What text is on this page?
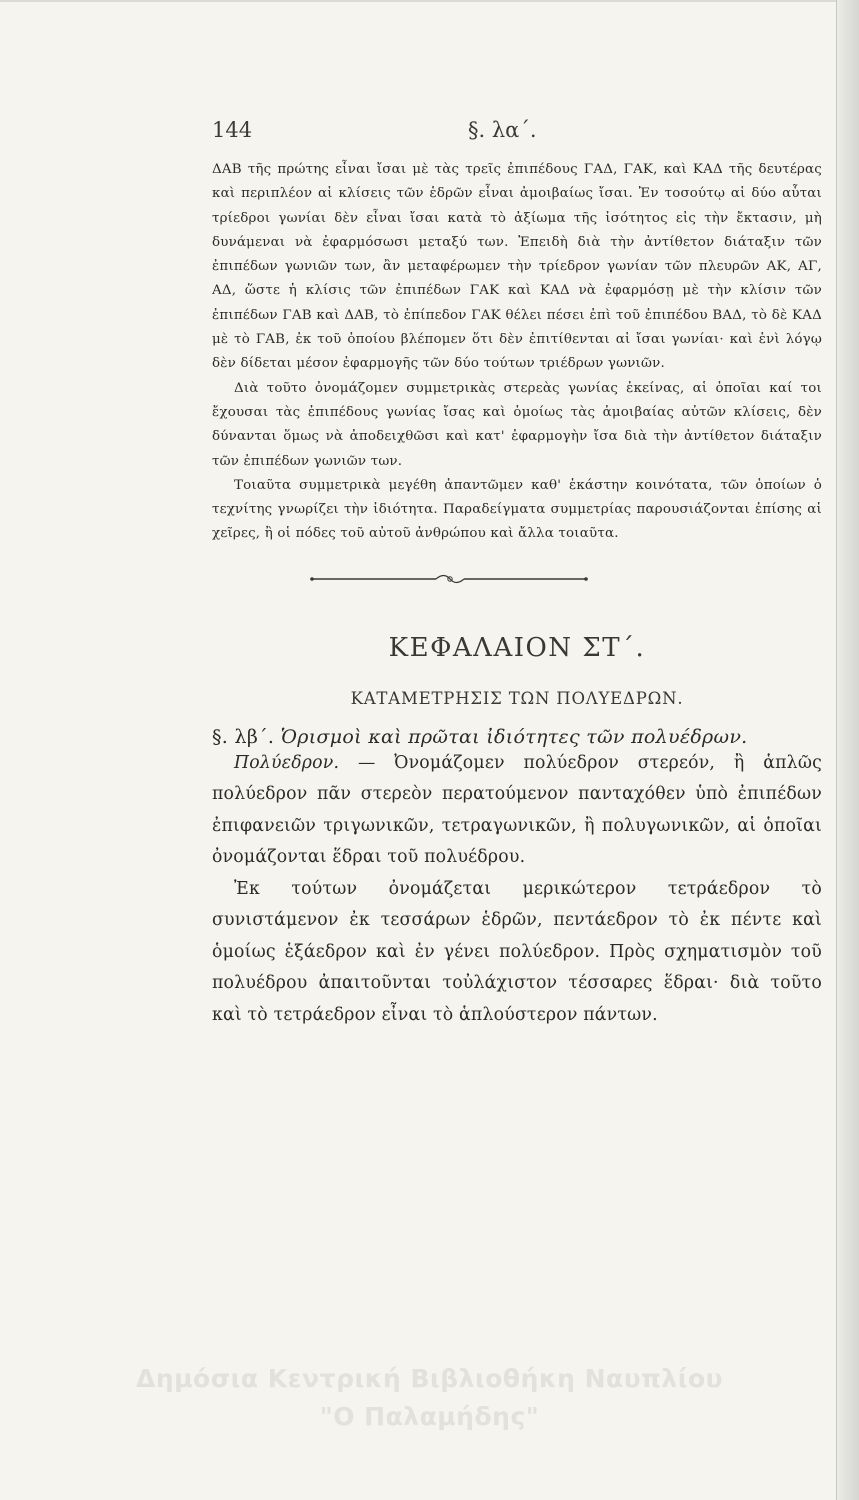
144	§. λα΄.

ΔΑΒ τῆς πρώτης εἶναι ἴσαι μὲ τὰς τρεῖς ἐπιπέδους ΓΑΔ, ΓΑΚ, καὶ ΚΑΔ τῆς δευτέρας καὶ περιπλέον αἱ κλίσεις τῶν ἑδρῶν εἶναι ἀμοιβαίως ἴσαι. Ἐν τοσούτῳ αἱ δύο αὗται τρίεδροι γωνίαι δὲν εἶναι ἴσαι κατὰ τὸ ἀξίωμα τῆς ἰσότητος εἰς τὴν ἔκτασιν, μὴ δυνάμεναι νὰ ἐφαρμόσωσι μεταξύ των. Ἐπειδὴ διὰ τὴν ἀντίθετον διάταξιν τῶν ἐπιπέδων γωνιῶν των, ἂν μεταφέρωμεν τὴν τρίεδρον γωνίαν τῶν πλευρῶν ΑΚ, ΑΓ, ΑΔ, ὥστε ἡ κλίσις τῶν ἐπιπέδων ΓΑΚ καὶ ΚΑΔ νὰ ἐφαρμόσῃ μὲ τὴν κλίσιν τῶν ἐπιπέδων ΓΑΒ καὶ ΔΑΒ, τὸ ἐπίπεδον ΓΑΚ θέλει πέσει ἐπὶ τοῦ ἐπιπέδου ΒΑΔ, τὸ δὲ ΚΑΔ μὲ τὸ ΓΑΒ, ἐκ τοῦ ὁποίου βλέπομεν ὅτι δὲν ἐπιτίθενται αἱ ἴσαι γωνίαι· καὶ ἑνὶ λόγῳ δὲν δίδεται μέσον ἐφαρμογῆς τῶν δύο τούτων τριέδρων γωνιῶν.

Διὰ τοῦτο ὀνομάζομεν συμμετρικὰς στερεὰς γωνίας ἐκείνας, αἱ ὁποῖαι καί τοι ἔχουσαι τὰς ἐπιπέδους γωνίας ἴσας καὶ ὁμοίως τὰς ἀμοιβαίας αὐτῶν κλίσεις, δὲν δύνανται ὅμως νὰ ἀποδειχθῶσι καὶ κατ' ἐφαρμογὴν ἴσα διὰ τὴν ἀντίθετον διάταξιν τῶν ἐπιπέδων γωνιῶν των.

Τοιαῦτα συμμετρικὰ μεγέθη ἀπαντῶμεν καθ' ἑκάστην κοινότατα, τῶν ὁποίων ὁ τεχνίτης γνωρίζει τὴν ἰδιότητα. Παραδείγματα συμμετρίας παρουσιάζονται ἐπίσης αἱ χεῖρες, ἢ οἱ πόδες τοῦ αὐτοῦ ἀνθρώπου καὶ ἄλλα τοιαῦτα.

ΚΕΦΑΛΑΙΟΝ ΣΤ΄.
ΚΑΤΑΜΕΤΡΗΣΙΣ ΤΩΝ ΠΟΛΥΕΔΡΩΝ.
§. λβ΄. Ὁρισμοὶ καὶ πρῶται ἰδιότητες τῶν πολυέδρων.

Πολύεδρον. — Ὀνομάζομεν πολύεδρον στερεόν, ἢ ἁπλῶς πολύεδρον πᾶν στερεὸν περατούμενον πανταχόθεν ὑπὸ ἐπιπέδων ἐπιφανειῶν τριγωνικῶν, τετραγωνικῶν, ἢ πολυγωνικῶν, αἱ ὁποῖαι ὀνομάζονται ἕδραι τοῦ πολυέδρου.

Ἐκ τούτων ὀνομάζεται μερικώτερον τετράεδρον τὸ συνιστάμενον ἐκ τεσσάρων ἑδρῶν, πεντάεδρον τὸ ἐκ πέντε καὶ ὁμοίως ἑξάεδρον καὶ ἐν γένει πολύεδρον. Πρὸς σχηματισμὸν τοῦ πολυέδρου ἀπαιτοῦνται τοὐλάχιστον τέσσαρες ἕδραι· διὰ τοῦτο καὶ τὸ τετράεδρον εἶναι τὸ ἁπλούστερον πάντων.

Δημόσια Κεντρική Βιβλιοθήκη Ναυπλίου
"Ο Παλαμήδης"
